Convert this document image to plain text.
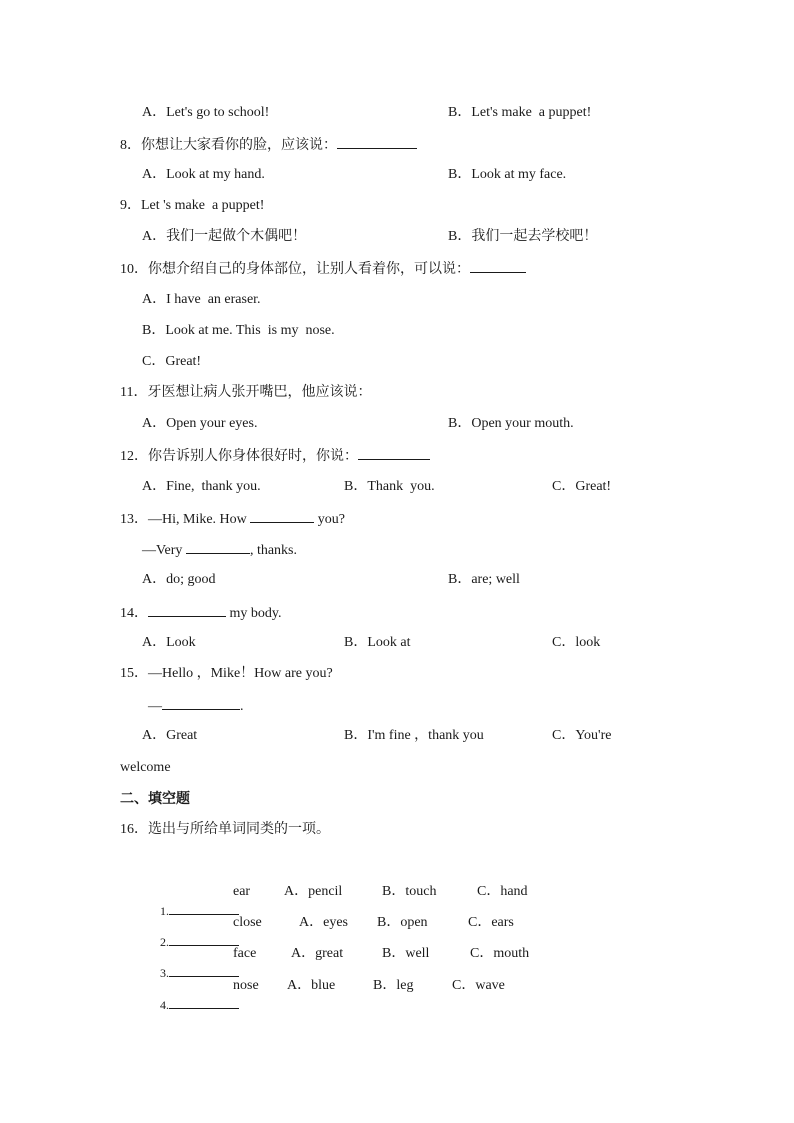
A．Let's go to school!	B．Let's make  a puppet!
8．你想让大家看你的脸，应该说：
A．Look at my hand.	B．Look at my face.
9．Let 's make  a puppet!
A．我们一起做个木偶吧！	B．我们一起去学校吧！
10．你想介绍自己的身体部位，让别人看着你，可以说：
A．I have  an eraser.
B．Look at me. This  is my  nose.
C．Great!
11．牙医想让病人张开嘴巴，他应该说：
A．Open your eyes.	B．Open your mouth.
12．你告诉别人你身体很好时，你说：
A．Fine,  thank you.	B．Thank  you.	C．Great!
13．—Hi, Mike. How	you?
—Very	, thanks.
A．do; good	B．are; well
14．	my body.
A．Look	B．Look at	C．look
15．—Hello ，Mike！How are you?
—	.
A．Great	B．I'm fine ，thank you	C．You're
welcome
二、填空题
16．选出与所给单词同类的一项。

1.

ear A．pencil	B．touch	C．hand

2.

close	A．eyes B．open	C．ears

3.

face A．great	B．well	C．mouth

4.

nose A．blue	B．leg	C．wave
